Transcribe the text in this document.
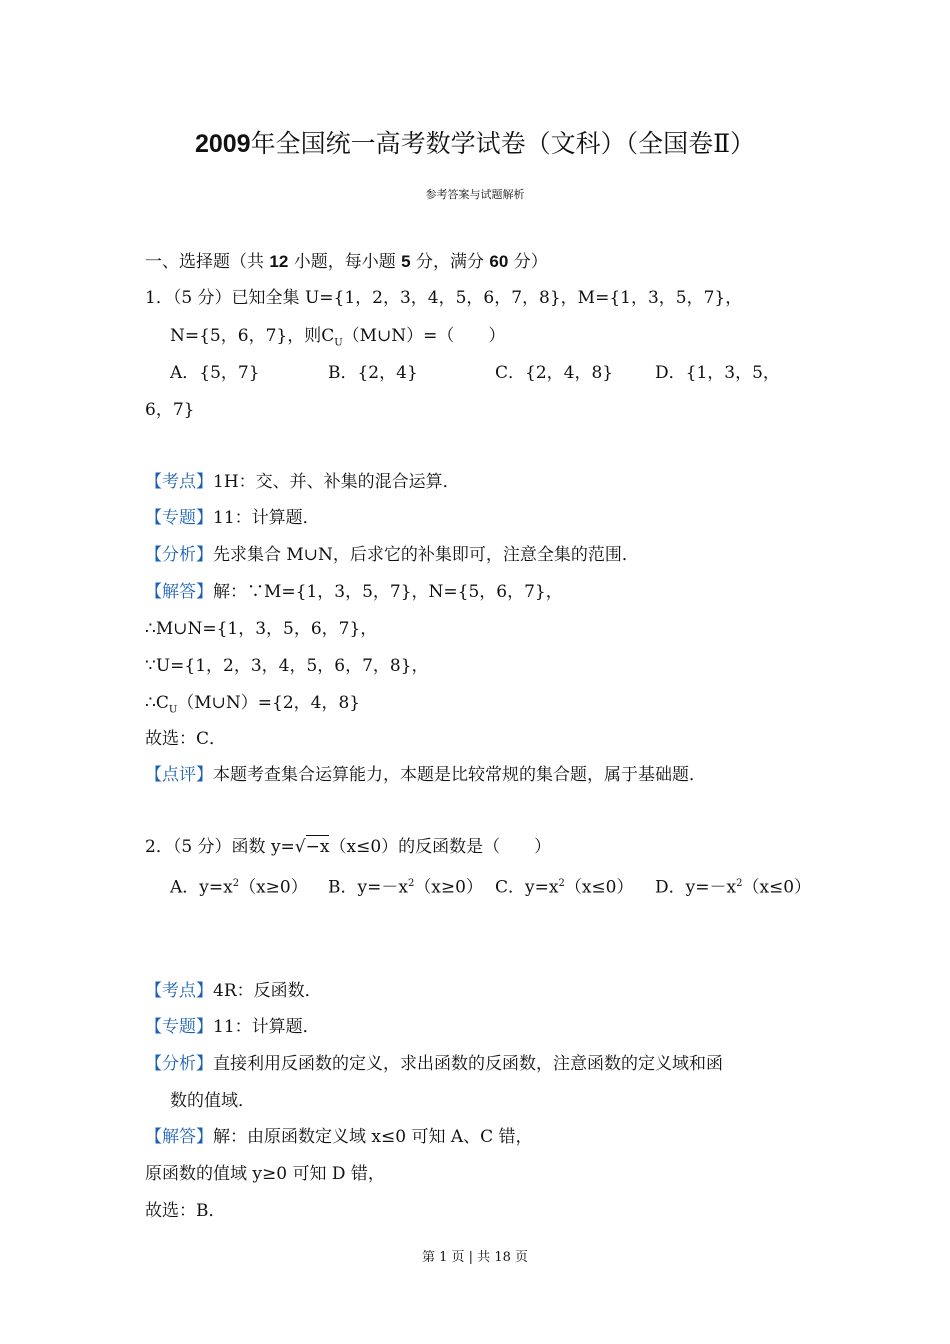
2009年全国统一高考数学试卷（文科）（全国卷Ⅱ）
参考答案与试题解析
一、选择题（共 12 小题，每小题 5 分，满分 60 分）
1．（5 分）已知全集 U={1，2，3，4，5，6，7，8}，M={1，3，5，7}，
N={5，6，7}，则$C_U(M\cup N)=$（　　）
A．{5，7}	B．{2，4}	C．{2，4，8} D．{1，3，5，
6，7}
【考点】1H：交、并、补集的混合运算．
【专题】11：计算题．
【分析】先求集合 M∪N，后求它的补集即可，注意全集的范围．
【解答】解：∵M={1，3，5，7}，N={5，6，7}，
∴M∪N={1，3，5，6，7}，
∵U={1，2，3，4，5，6，7，8}，
$\therefore C_U(M\cup N)=\{2$，4，8}
故选：C．
【点评】本题考查集合运算能力，本题是比较常规的集合题，属于基础题．
2．（5 分）函数 y=√−x（x≤0）的反函数是（　　）
A．$y=x^2(x\ge 0)$ B．$y=-x^2(x\ge 0)$ C．$y=x^2(x\le 0)$ D．$y=-x^2(x\le 0)$
【考点】4R：反函数．
【专题】11：计算题．
【分析】直接利用反函数的定义，求出函数的反函数，注意函数的定义域和函
数的值域．
【解答】解：由原函数定义域 x≤0 可知 A、C 错，
原函数的值域 y≥0 可知 D 错，
故选：B．
第 1 页 | 共 18 页
